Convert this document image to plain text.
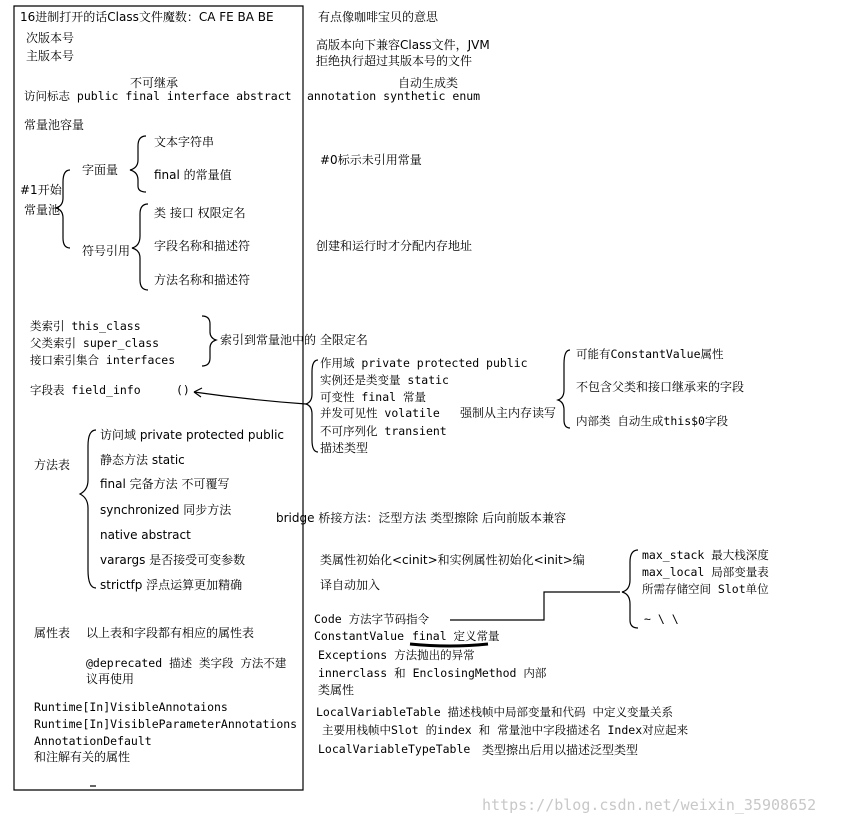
16进制打开的话Class文件魔数：CA FE BA BE
次版本号
主版本号
不可继承
访问标志 public final interface abstract
常量池容量
#1开始
常量池
字面量
文本字符串
final 的常量值
符号引用
类 接口 权限定名
字段名称和描述符
方法名称和描述符
类索引 this_class
父类索引 super_class
接口索引集合 interfaces
字段表 field_info	()
方法表
访问域 private protected public
静态方法 static
final 完备方法 不可覆写
synchronized 同步方法
native abstract
varargs 是否接受可变参数
strictfp 浮点运算更加精确
属性表 以上表和字段都有相应的属性表
@deprecated 描述 类字段 方法不建
议再使用
Runtime[In]VisibleAnnotaions
Runtime[In]VisibleParameterAnnotations
AnnotationDefault
和注解有关的属性
有点像咖啡宝贝的意思
高版本向下兼容Class文件，JVM
拒绝执行超过其版本号的文件
自动生成类
annotation synthetic enum
#0标示未引用常量
创建和运行时才分配内存地址
索引到常量池中的 全限定名
作用域 private protected public
实例还是类变量 static
可变性 final 常量
并发可见性 volatile 强制从主内存读写
不可序列化 transient
描述类型
可能有ConstantValue属性
不包含父类和接口继承来的字段
内部类 自动生成this$0字段
bridge 桥接方法：泛型方法 类型擦除 后向前版本兼容
类属性初始化<cinit>和实例属性初始化<init>编
译自动加入
max_stack 最大栈深度
max_local 局部变量表
所需存储空间 Slot单位
~ \ \
Code 方法字节码指令
ConstantValue final 定义常量
Exceptions 方法抛出的异常
innerclass 和 EnclosingMethod 内部
类属性
LocalVariableTable 描述栈帧中局部变量和代码 中定义变量关系
主要用栈帧中Slot 的index 和 常量池中字段描述名 Index对应起来
LocalVariableTypeTable 类型擦出后用以描述泛型类型
https://blog.csdn.net/weixin_35908652
